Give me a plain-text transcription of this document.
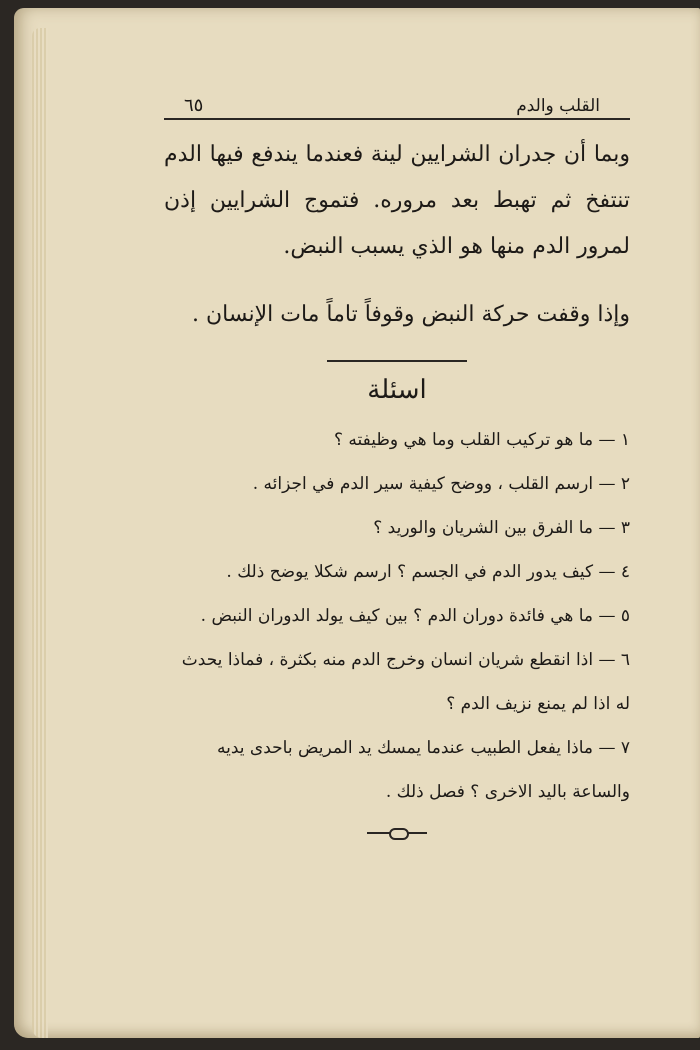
القلب والدم
٦٥

وبما أن جدران الشرايين لينة فعندما يندفع فيها الدم تنتفخ ثم تهبط بعد مروره. فتموج الشرايين إذن لمرور الدم منها هو الذي يسبب النبض.

وإذا وقفت حركة النبض وقوفاً تاماً مات الإنسان .

اسئلة
١ — ما هو تركيب القلب وما هي وظيفته ؟
٢ — ارسم القلب ، ووضح كيفية سير الدم في اجزائه .
٣ — ما الفرق بين الشريان والوريد ؟
٤ — كيف يدور الدم في الجسم ؟ ارسم شكلا يوضح ذلك .
٥ — ما هي فائدة دوران الدم ؟ بين كيف يولد الدوران النبض .
٦ — اذا انقطع شريان انسان وخرج الدم منه بكثرة ، فماذا يحدث له اذا لم يمنع نزيف الدم ؟
٧ — ماذا يفعل الطبيب عندما يمسك يد المريض باحدى يديه والساعة باليد الاخرى ؟ فصل ذلك .
